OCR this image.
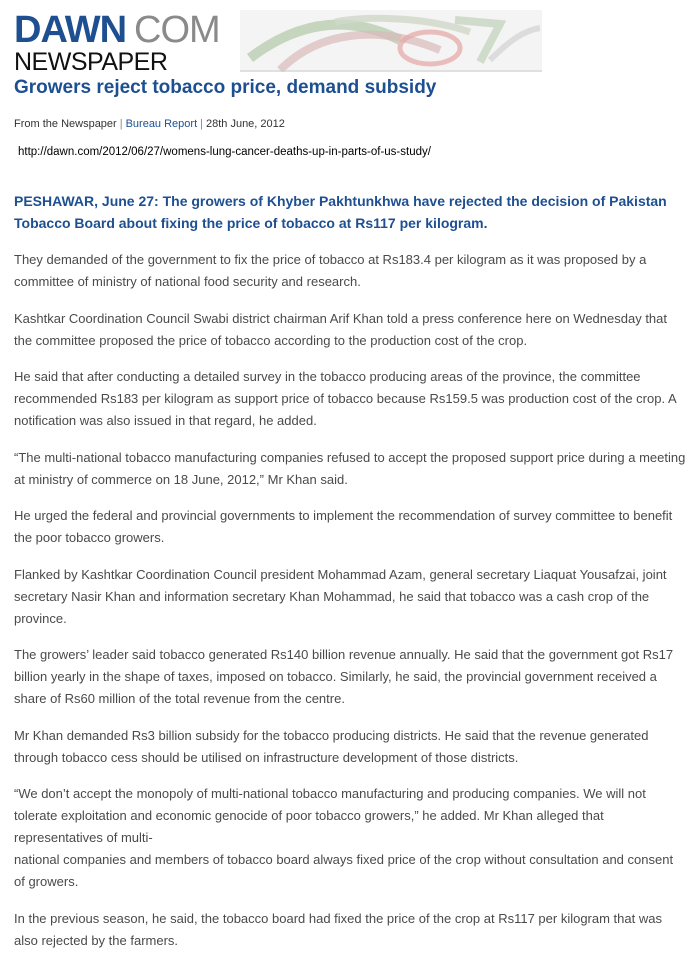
DAWN COM
NEWSPAPER
Growers reject tobacco price, demand subsidy
From the Newspaper | Bureau Report | 28th June, 2012
http://dawn.com/2012/06/27/womens-lung-cancer-deaths-up-in-parts-of-us-study/

PESHAWAR, June 27: The growers of Khyber Pakhtunkhwa have rejected the decision of Pakistan Tobacco Board about fixing the price of tobacco at Rs117 per kilogram.

They demanded of the government to fix the price of tobacco at Rs183.4 per kilogram as it was proposed by a committee of ministry of national food security and research.

Kashtkar Coordination Council Swabi district chairman Arif Khan told a press conference here on Wednesday that the committee proposed the price of tobacco according to the production cost of the crop.

He said that after conducting a detailed survey in the tobacco producing areas of the province, the committee recommended Rs183 per kilogram as support price of tobacco because Rs159.5 was production cost of the crop. A notification was also issued in that regard, he added.

“The multi-national tobacco manufacturing companies refused to accept the proposed support price during a meeting at ministry of commerce on 18 June, 2012,” Mr Khan said.

He urged the federal and provincial governments to implement the recommendation of survey committee to benefit the poor tobacco growers.

Flanked by Kashtkar Coordination Council president Mohammad Azam, general secretary Liaquat Yousafzai, joint secretary Nasir Khan and information secretary Khan Mohammad, he said that tobacco was a cash crop of the province.

The growers’ leader said tobacco generated Rs140 billion revenue annually. He said that the government got Rs17 billion yearly in the shape of taxes, imposed on tobacco. Similarly, he said, the provincial government received a share of Rs60 million of the total revenue from the centre.

Mr Khan demanded Rs3 billion subsidy for the tobacco producing districts. He said that the revenue generated through tobacco cess should be utilised on infrastructure development of those districts.

“We don’t accept the monopoly of multi-national tobacco manufacturing and producing companies. We will not tolerate exploitation and economic genocide of poor tobacco growers,” he added. Mr Khan alleged that representatives of multi-
national companies and members of tobacco board always fixed price of the crop without consultation and consent of growers.

In the previous season, he said, the tobacco board had fixed the price of the crop at Rs117 per kilogram that was also rejected by the farmers.
